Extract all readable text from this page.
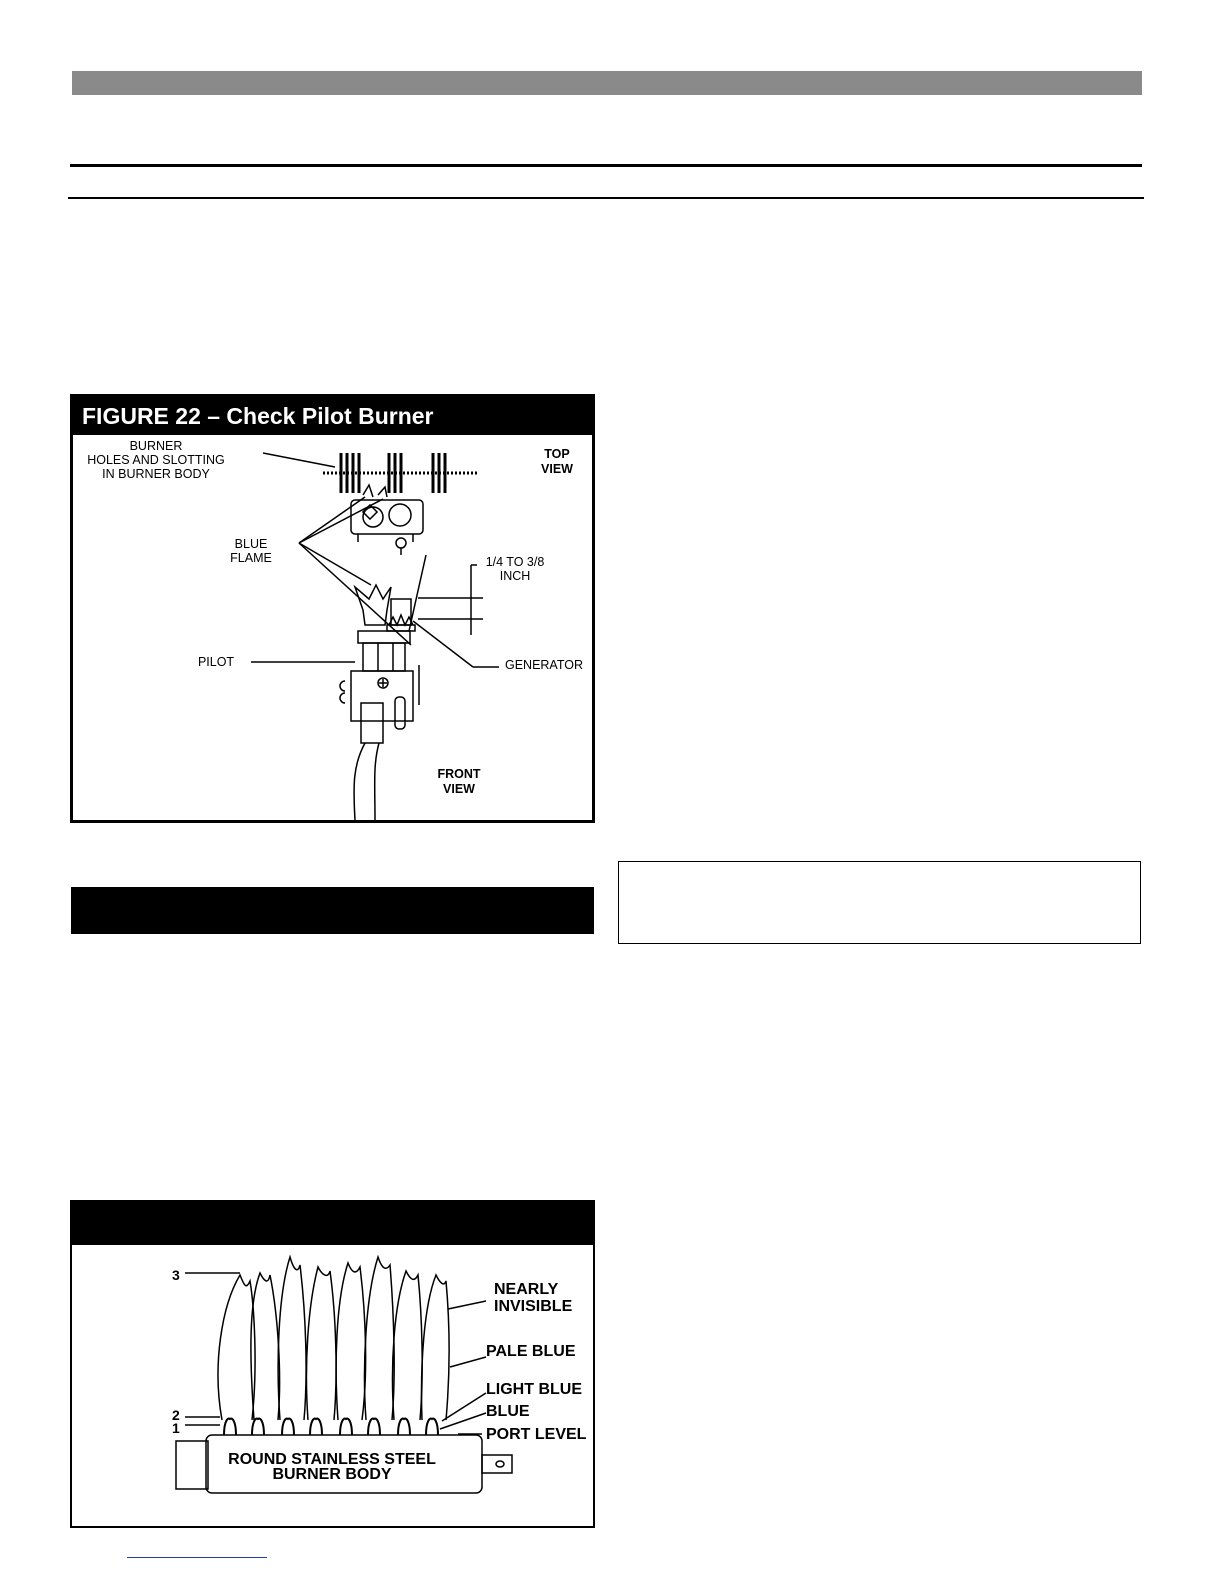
FIGURE 22 – Check Pilot Burner
BURNER
HOLES AND SLOTTING
IN BURNER BODY
TOP
VIEW
BLUE
FLAME	1/4 TO 3/8
INCH
PILOT	GENERATOR
FRONT
VIEW
3
2
1
NEARLY
INVISIBLE
PALE BLUE
LIGHT BLUE
BLUE
PORT LEVEL
ROUND STAINLESS STEEL
BURNER BODY
